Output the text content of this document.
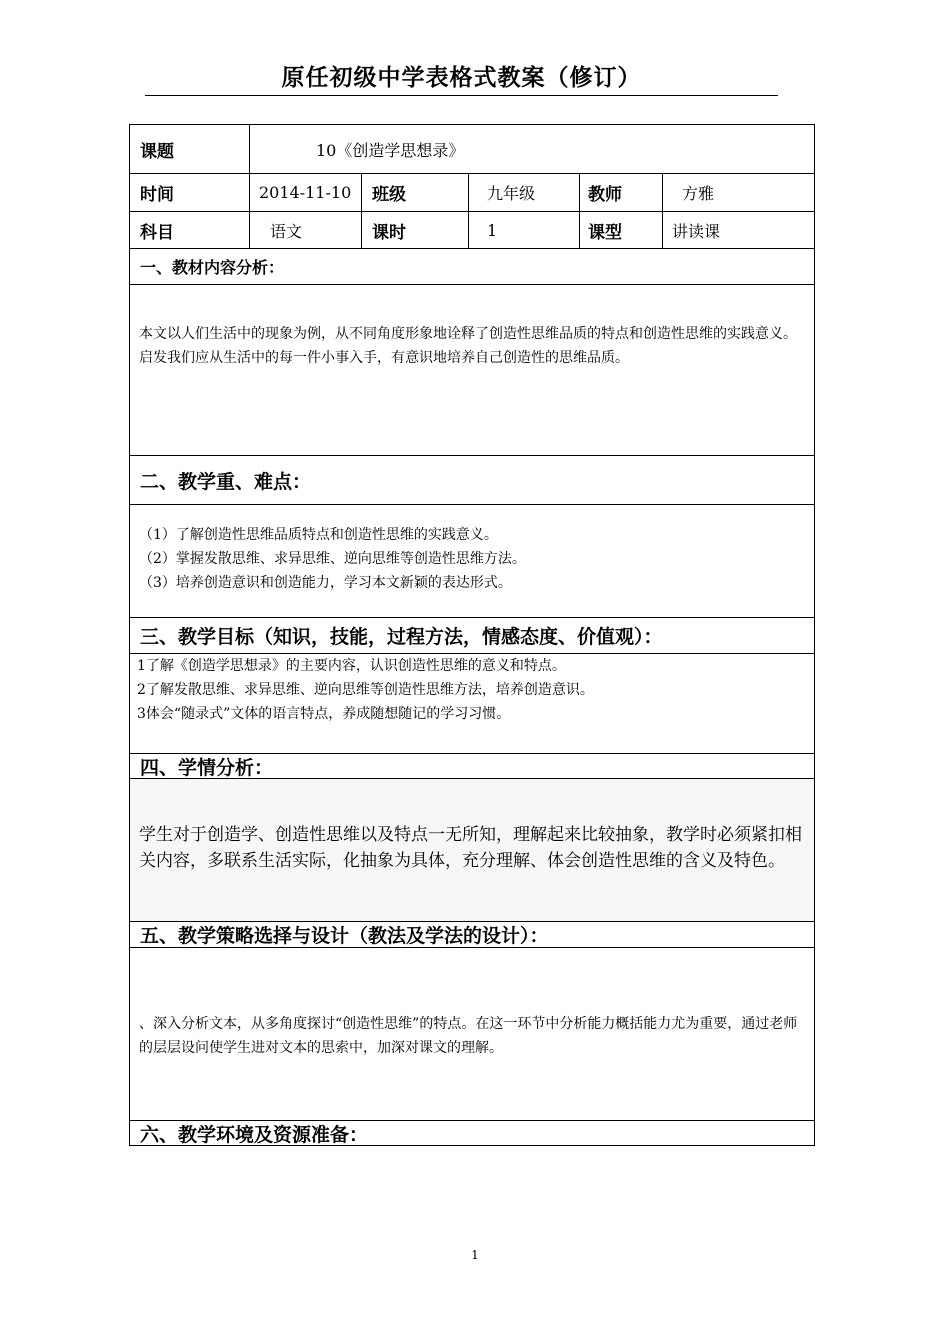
原任初级中学表格式教案（修订）
课题	10《创造学思想录》
时间	2014-11-10	班级	九年级	教师	方雅
科目	语文	课时	1	课型	讲读课
一、教材内容分析：
本文以人们生活中的现象为例，从不同角度形象地诠释了创造性思维品质的特点和创造性思维的实践意义。启发我们应从生活中的每一件小事入手，有意识地培养自己创造性的思维品质。
二、教学重、难点：
（1）了解创造性思维品质特点和创造性思维的实践意义。
（2）掌握发散思维、求异思维、逆向思维等创造性思维方法。
（3）培养创造意识和创造能力，学习本文新颖的表达形式。
三、教学目标（知识，技能，过程方法，情感态度、价值观）：
1了解《创造学思想录》的主要内容，认识创造性思维的意义和特点。
2了解发散思维、求异思维、逆向思维等创造性思维方法，培养创造意识。
3体会“随录式”文体的语言特点，养成随想随记的学习习惯。
四、学情分析：
学生对于创造学、创造性思维以及特点一无所知，理解起来比较抽象，教学时必须紧扣相关内容，多联系生活实际，化抽象为具体，充分理解、体会创造性思维的含义及特色。
五、教学策略选择与设计（教法及学法的设计）：
、深入分析文本，从多角度探讨“创造性思维”的特点。在这一环节中分析能力概括能力尤为重要，通过老师的层层设问使学生进对文本的思索中，加深对课文的理解。
六、教学环境及资源准备：
1
